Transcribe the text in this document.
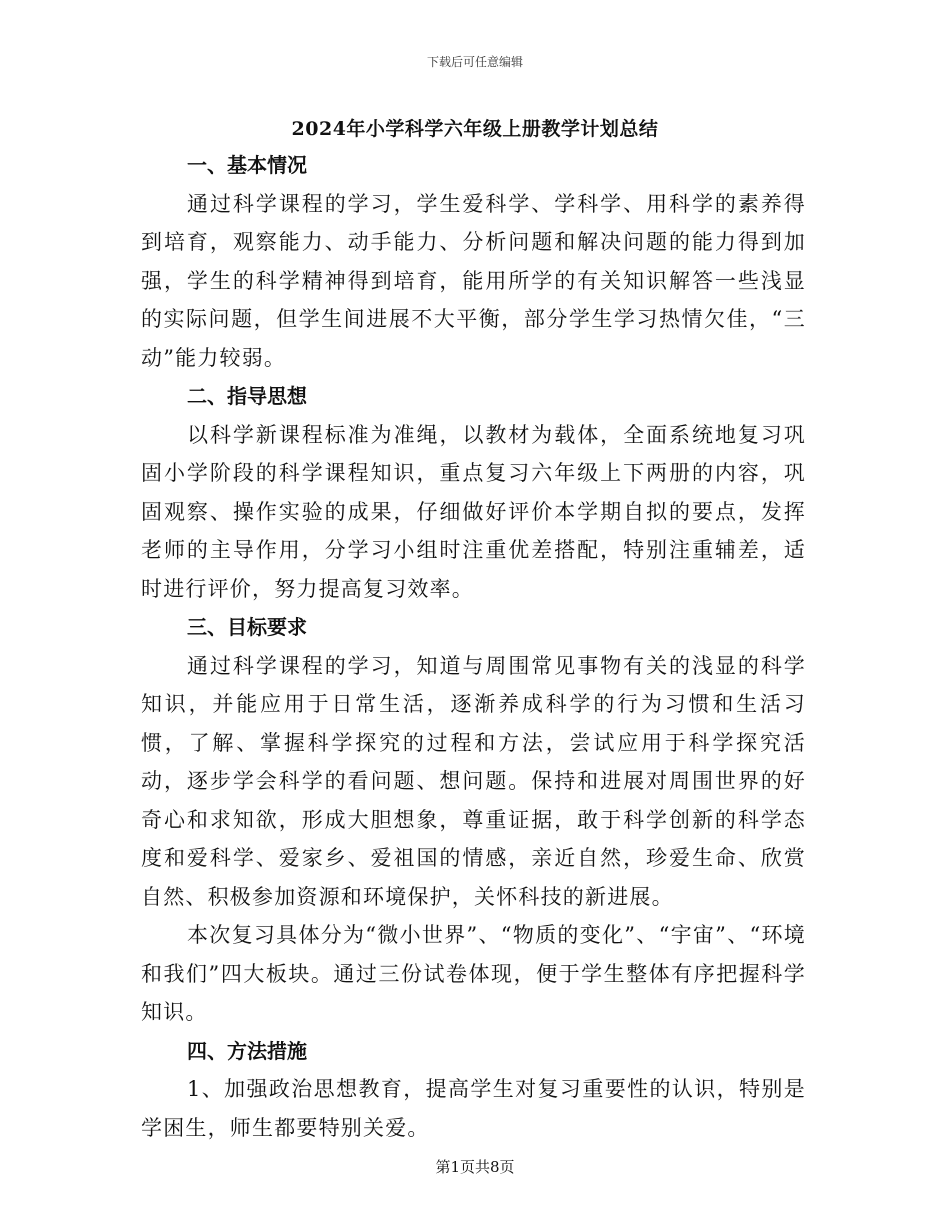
下载后可任意编辑
2024年小学科学六年级上册教学计划总结
一、基本情况

通过科学课程的学习，学生爱科学、学科学、用科学的素养得到培育，观察能力、动手能力、分析问题和解决问题的能力得到加强，学生的科学精神得到培育，能用所学的有关知识解答一些浅显的实际问题，但学生间进展不大平衡，部分学生学习热情欠佳，“三动”能力较弱。

二、指导思想

以科学新课程标准为准绳，以教材为载体，全面系统地复习巩固小学阶段的科学课程知识，重点复习六年级上下两册的内容，巩固观察、操作实验的成果，仔细做好评价本学期自拟的要点，发挥老师的主导作用，分学习小组时注重优差搭配，特别注重辅差，适时进行评价，努力提高复习效率。

三、目标要求

通过科学课程的学习，知道与周围常见事物有关的浅显的科学知识，并能应用于日常生活，逐渐养成科学的行为习惯和生活习惯，了解、掌握科学探究的过程和方法，尝试应用于科学探究活动，逐步学会科学的看问题、想问题。保持和进展对周围世界的好奇心和求知欲，形成大胆想象，尊重证据，敢于科学创新的科学态度和爱科学、爱家乡、爱祖国的情感，亲近自然，珍爱生命、欣赏自然、积极参加资源和环境保护，关怀科技的新进展。

本次复习具体分为“微小世界”、“物质的变化”、“宇宙”、“环境和我们”四大板块。通过三份试卷体现，便于学生整体有序把握科学知识。

四、方法措施

1、加强政治思想教育，提高学生对复习重要性的认识，特别是学困生，师生都要特别关爱。

第1页共8页
